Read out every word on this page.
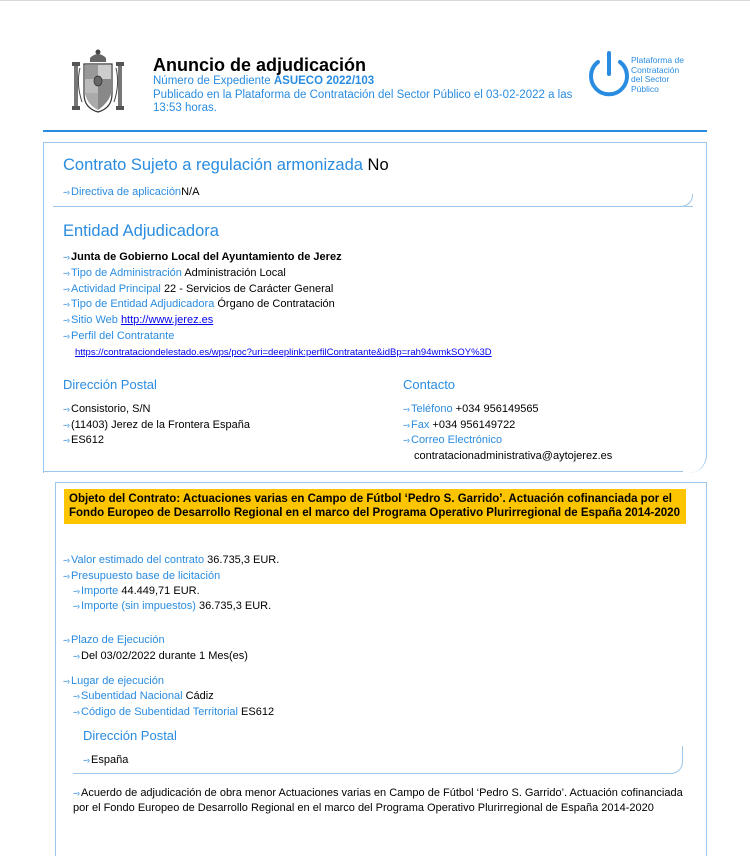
Anuncio de adjudicación
Número de Expediente ASUECO 2022/103
Publicado en la Plataforma de Contratación del Sector Público el 03-02-2022 a las 13:53 horas.
Plataforma de
Contratación
del Sector
Público
Contrato Sujeto a regulación armonizada No
--› Directiva de aplicaciónN/A
Entidad Adjudicadora
--› Junta de Gobierno Local del Ayuntamiento de Jerez
--› Tipo de Administración Administración Local
--› Actividad Principal 22 - Servicios de Carácter General
--› Tipo de Entidad Adjudicadora Órgano de Contratación
--› Sitio Web http://www.jerez.es
--› Perfil del Contratante
https://contrataciondelestado.es/wps/poc?uri=deeplink:perfilContratante&idBp=rah94wmkSOY%3D
Dirección Postal
--› Consistorio, S/N
--› (11403) Jerez de la Frontera España
--› ES612
Contacto
--› Teléfono +034 956149565
--› Fax +034 956149722
--› Correo Electrónico
contratacionadministrativa@aytojerez.es
Objeto del Contrato: Actuaciones varias en Campo de Fútbol ‘Pedro S. Garrido’. Actuación cofinanciada por el Fondo Europeo de Desarrollo Regional en el marco del Programa Operativo Plurirregional de España 2014-2020
--› Valor estimado del contrato 36.735,3 EUR.
--› Presupuesto base de licitación
--› Importe 44.449,71 EUR.
--› Importe (sin impuestos) 36.735,3 EUR.
--› Plazo de Ejecución
--› Del 03/02/2022 durante 1 Mes(es)
--› Lugar de ejecución
--› Subentidad Nacional Cádiz
--› Código de Subentidad Territorial ES612
Dirección Postal
--› España
--› Acuerdo de adjudicación de obra menor Actuaciones varias en Campo de Fútbol ‘Pedro S. Garrido’. Actuación cofinanciada por el Fondo Europeo de Desarrollo Regional en el marco del Programa Operativo Plurirregional de España 2014-2020
